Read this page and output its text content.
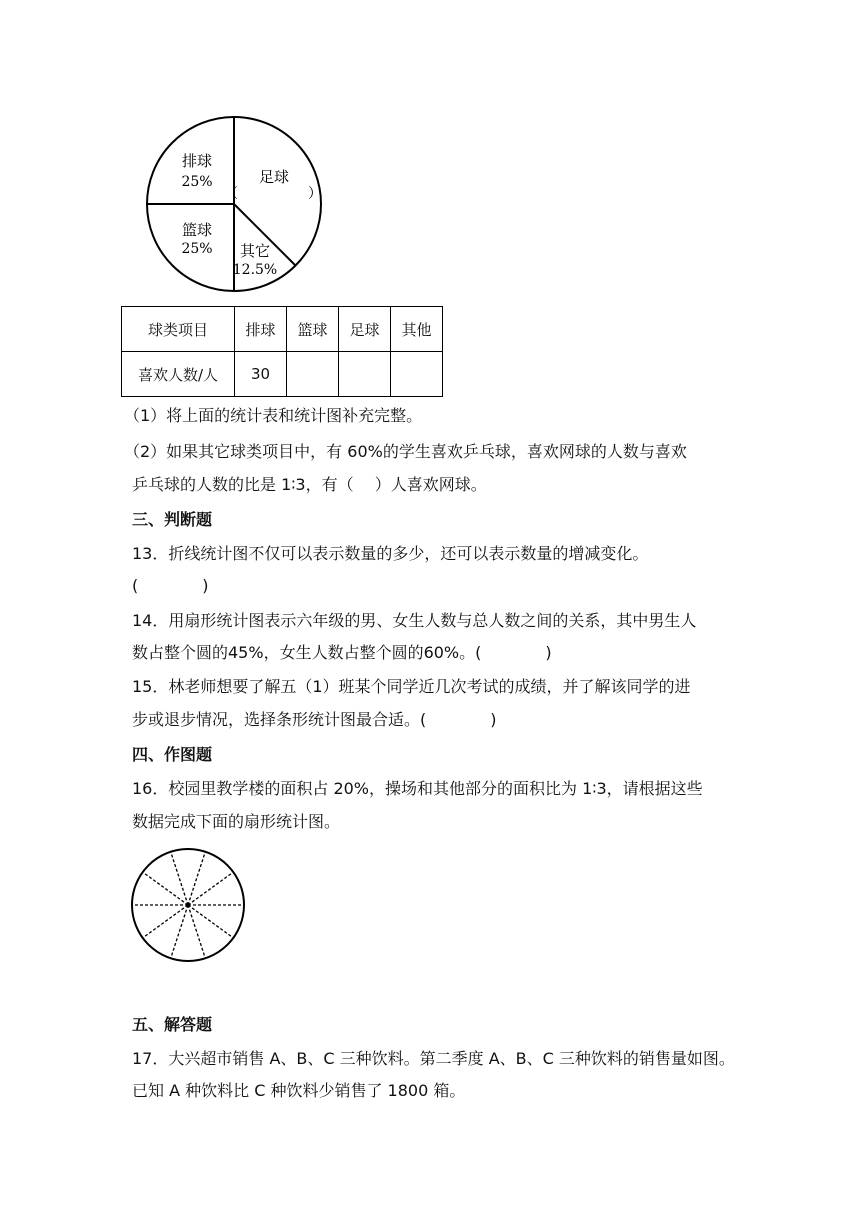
足球
（　　　　　）
其它
12.5%
篮球
25%
排球
25%
球类项目	排球	篮球	足球	其他
喜欢人数/人	30			
（1）将上面的统计表和统计图补充完整。
（2）如果其它球类项目中，有 60%的学生喜欢乒乓球，喜欢网球的人数与喜欢
乒乓球的人数的比是 1∶3，有（　 ）人喜欢网球。
三、判断题
13．折线统计图不仅可以表示数量的多少，还可以表示数量的增减变化。
(　　　　)
14．用扇形统计图表示六年级的男、女生人数与总人数之间的关系，其中男生人
数占整个圆的45%，女生人数占整个圆的60%。(　　　　)
15．林老师想要了解五（1）班某个同学近几次考试的成绩，并了解该同学的进
步或退步情况，选择条形统计图最合适。(　　　　)
四、作图题
16．校园里教学楼的面积占 20%，操场和其他部分的面积比为 1∶3，请根据这些
数据完成下面的扇形统计图。
五、解答题
17．大兴超市销售 A、B、C 三种饮料。第二季度 A、B、C 三种饮料的销售量如图。
已知 A 种饮料比 C 种饮料少销售了 1800 箱。
